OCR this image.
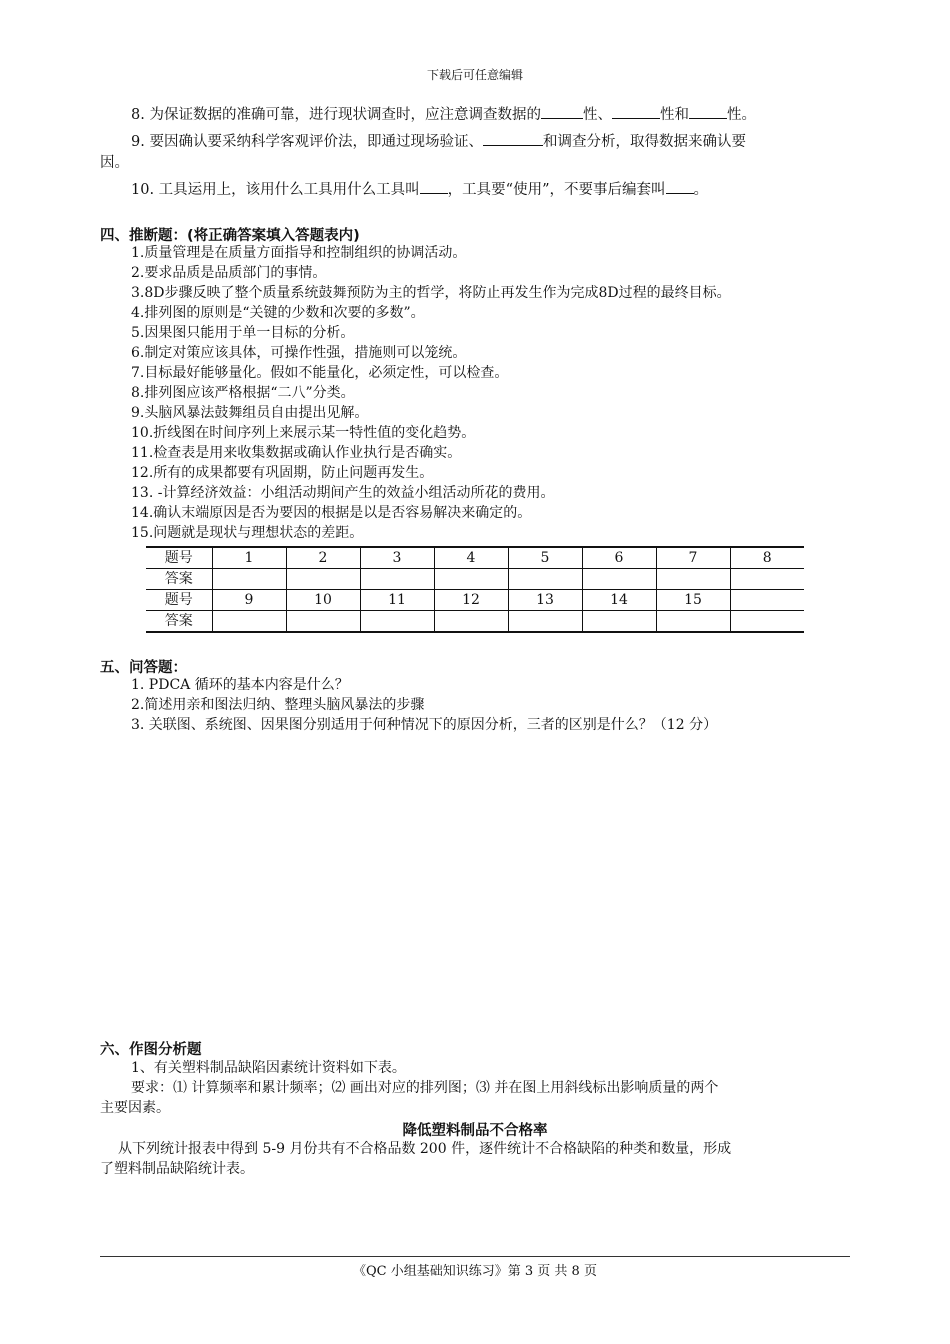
下载后可任意编辑
8. 为保证数据的准确可靠，进行现状调查时，应注意调查数据的	性、	性和	性。
9. 要因确认要采纳科学客观评价法，即通过现场验证、	和调查分析，取得数据来确认要
因。
10. 工具运用上，该用什么工具用什么工具叫 ，工具要“使用”，不要事后编套叫 。
四、推断题：(将正确答案填入答题表内)
1.质量管理是在质量方面指导和控制组织的协调活动。
2.要求品质是品质部门的事情。
3.8D步骤反映了整个质量系统鼓舞预防为主的哲学，将防止再发生作为完成8D过程的最终目标。
4.排列图的原则是“关键的少数和次要的多数”。
5.因果图只能用于单一目标的分析。
6.制定对策应该具体，可操作性强，措施则可以笼统。
7.目标最好能够量化。假如不能量化，必须定性，可以检查。
8.排列图应该严格根据“二八”分类。
9.头脑风暴法鼓舞组员自由提出见解。
10.折线图在时间序列上来展示某一特性值的变化趋势。
11.检查表是用来收集数据或确认作业执行是否确实。
12.所有的成果都要有巩固期，防止问题再发生。
13. -计算经济效益：小组活动期间产生的效益小组活动所花的费用。
14.确认末端原因是否为要因的根据是以是否容易解决来确定的。
15.问题就是现状与理想状态的差距。
题号	1	2	3	4	5	6	7	8
答案								
题号	9	10	11	12	13	14	15	
答案								
五、问答题：
1. PDCA 循环的基本内容是什么？
2.简述用亲和图法归纳、整理头脑风暴法的步骤
3. 关联图、系统图、因果图分别适用于何种情况下的原因分析，三者的区别是什么？（12 分）
六、作图分析题
1、有关塑料制品缺陷因素统计资料如下表。
要求：⑴ 计算频率和累计频率；⑵ 画出对应的排列图；⑶ 并在图上用斜线标出影响质量的两个
主要因素。
降低塑料制品不合格率
从下列统计报表中得到 5-9 月份共有不合格品数 200 件，逐件统计不合格缺陷的种类和数量，形成
了塑料制品缺陷统计表。
《QC 小组基础知识练习》第 3 页 共 8 页
